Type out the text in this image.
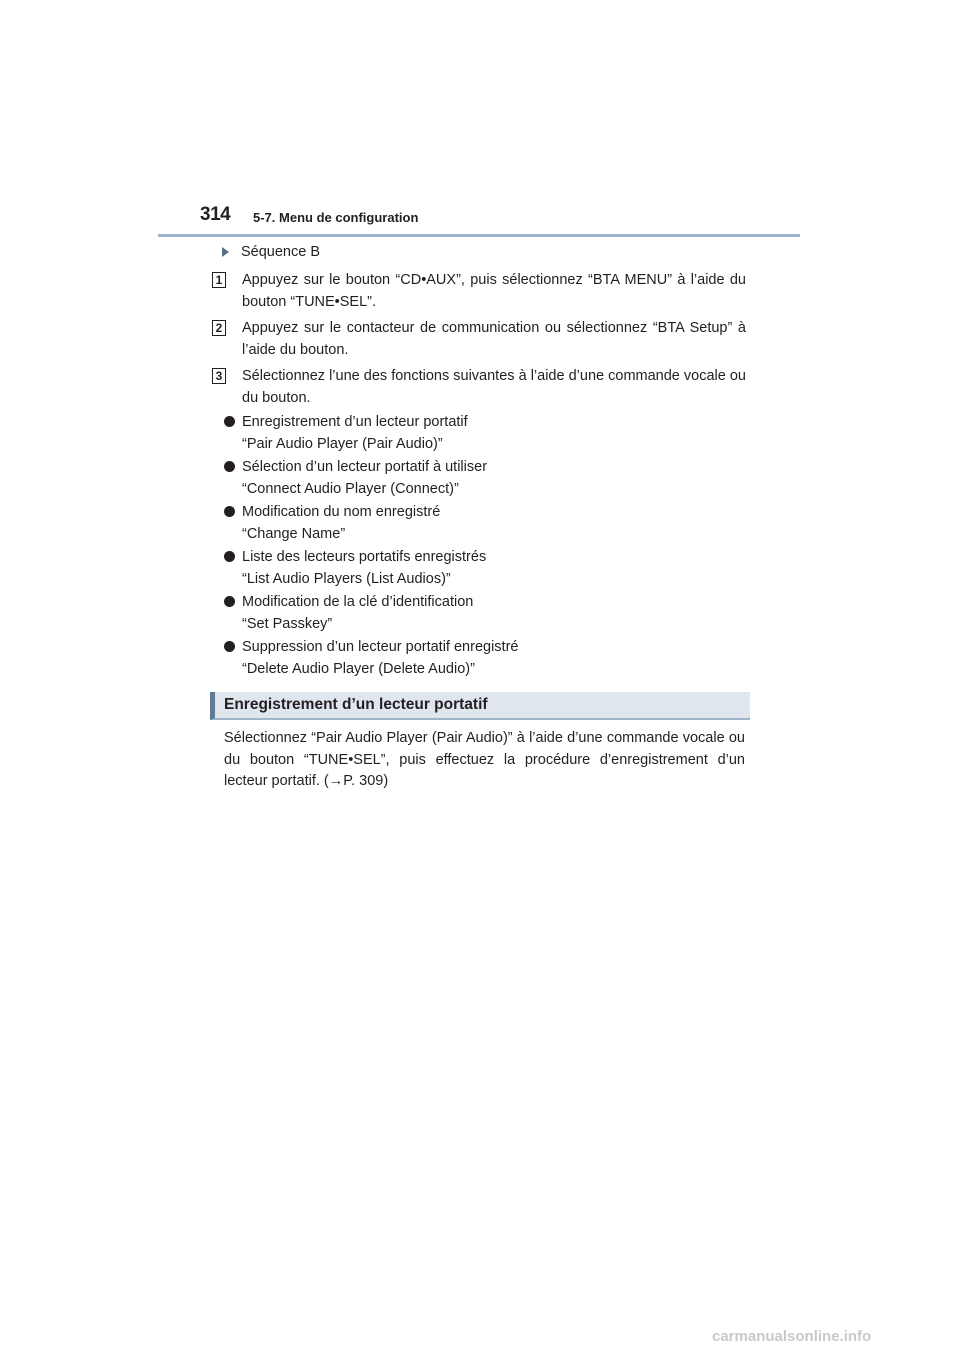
314 5-7. Menu de configuration
Séquence B
1 Appuyez sur le bouton “CD•AUX”, puis sélectionnez “BTA MENU” à l’aide du bouton “TUNE•SEL”.
2 Appuyez sur le contacteur de communication ou sélectionnez “BTA Setup” à l’aide du bouton.
3 Sélectionnez l’une des fonctions suivantes à l’aide d’une commande vocale ou du bouton.
Enregistrement d’un lecteur portatif
“Pair Audio Player (Pair Audio)”
Sélection d’un lecteur portatif à utiliser
“Connect Audio Player (Connect)”
Modification du nom enregistré
“Change Name”
Liste des lecteurs portatifs enregistrés
“List Audio Players (List Audios)”
Modification de la clé d’identification
“Set Passkey”
Suppression d’un lecteur portatif enregistré
“Delete Audio Player (Delete Audio)”
Enregistrement d’un lecteur portatif
Sélectionnez “Pair Audio Player (Pair Audio)” à l’aide d’une commande vocale ou du bouton “TUNE•SEL”, puis effectuez la procédure d’enregistrement d’un lecteur portatif. (→P. 309)
carmanualsonline.info
